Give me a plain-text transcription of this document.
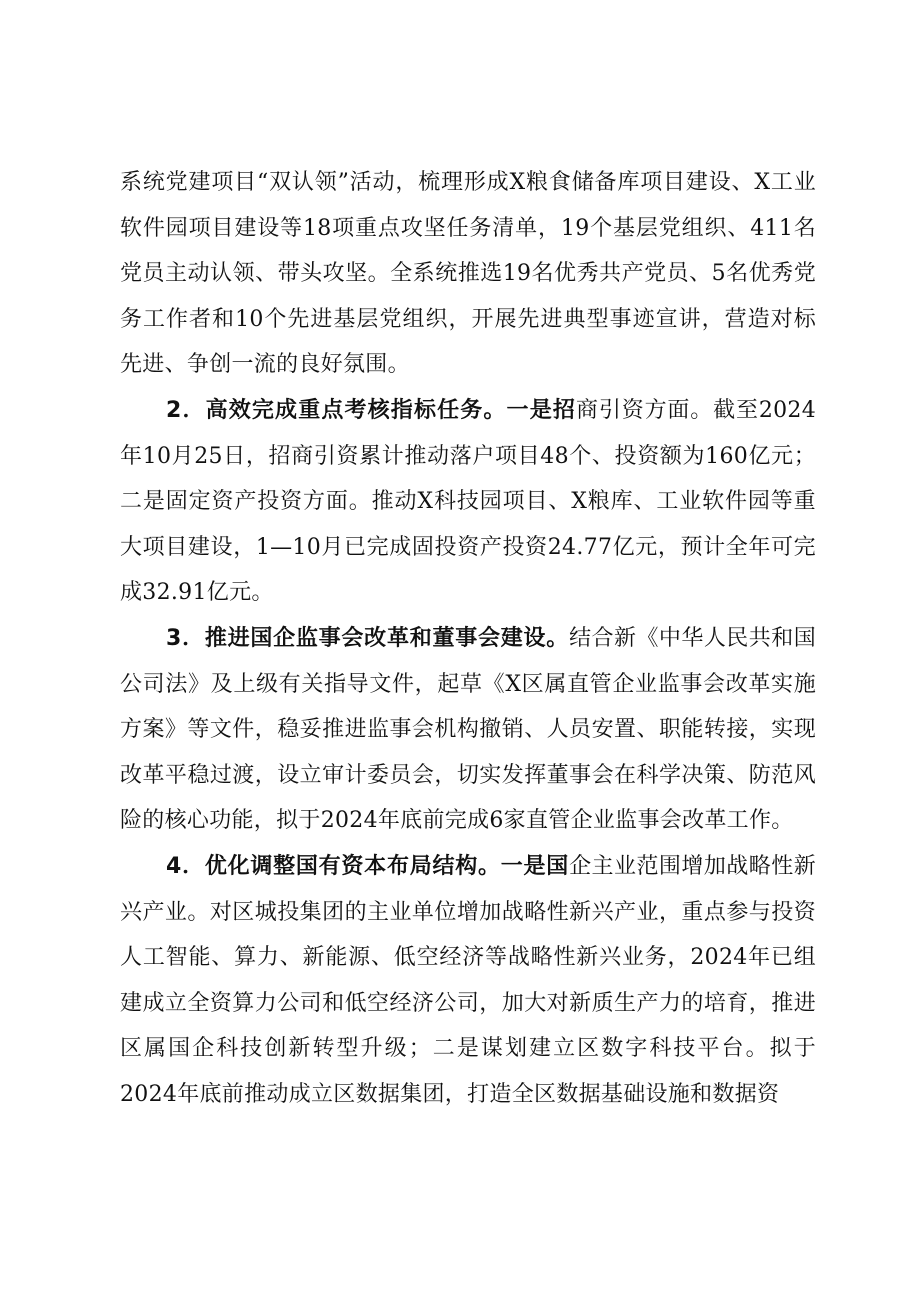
系统党建项目“双认领”活动，梳理形成X粮食储备库项目建设、X工业软件园项目建设等18项重点攻坚任务清单，19个基层党组织、411名党员主动认领、带头攻坚。全系统推选19名优秀共产党员、5名优秀党务工作者和10个先进基层党组织，开展先进典型事迹宣讲，营造对标先进、争创一流的良好氛围。

2．高效完成重点考核指标任务。一是招商引资方面。截至2024年10月25日，招商引资累计推动落户项目48个、投资额为160亿元；二是固定资产投资方面。推动X科技园项目、X粮库、工业软件园等重大项目建设，1—10月已完成固投资产投资24.77亿元，预计全年可完成32.91亿元。

3．推进国企监事会改革和董事会建设。结合新《中华人民共和国公司法》及上级有关指导文件，起草《X区属直管企业监事会改革实施方案》等文件，稳妥推进监事会机构撤销、人员安置、职能转接，实现改革平稳过渡，设立审计委员会，切实发挥董事会在科学决策、防范风险的核心功能，拟于2024年底前完成6家直管企业监事会改革工作。

4．优化调整国有资本布局结构。一是国企主业范围增加战略性新兴产业。对区城投集团的主业单位增加战略性新兴产业，重点参与投资人工智能、算力、新能源、低空经济等战略性新兴业务，2024年已组建成立全资算力公司和低空经济公司，加大对新质生产力的培育，推进区属国企科技创新转型升级；二是谋划建立区数字科技平台。拟于2024年底前推动成立区数据集团，打造全区数据基础设施和数据资
